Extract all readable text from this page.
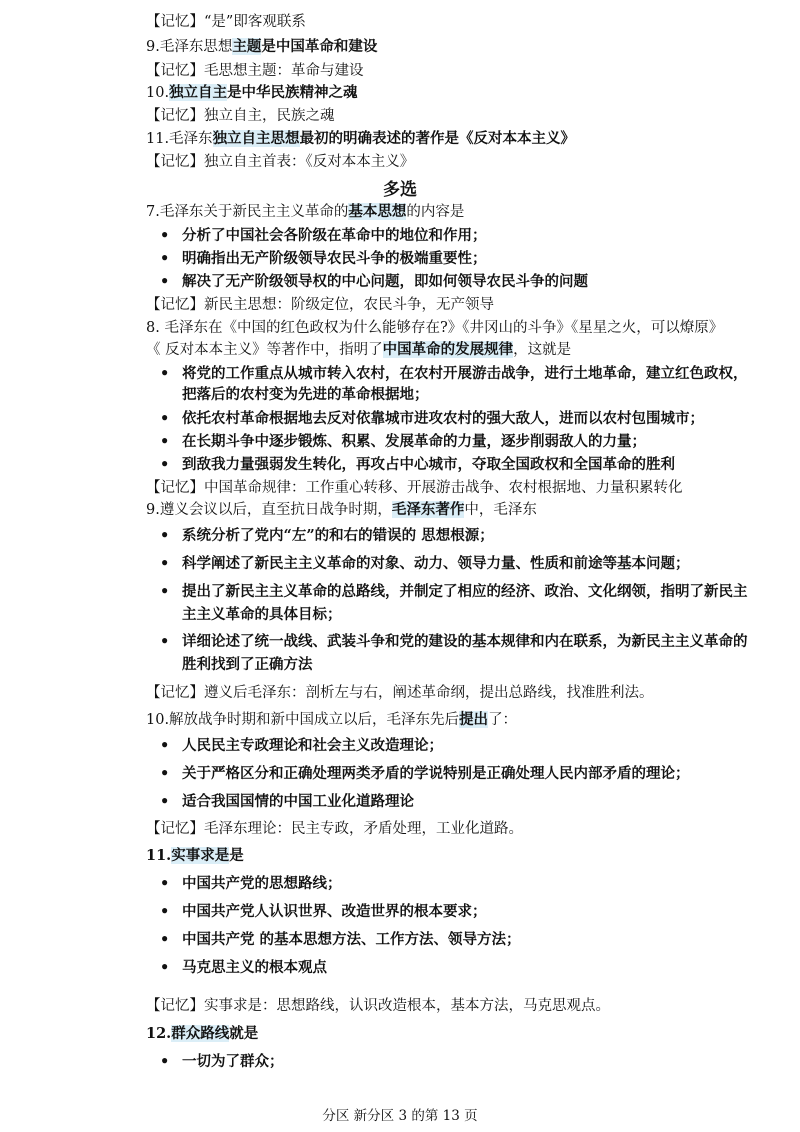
【记忆】“是”即客观联系
9.毛泽东思想主题是中国革命和建设
【记忆】毛思想主题：革命与建设
10.独立自主是中华民族精神之魂
【记忆】独立自主，民族之魂
11.毛泽东独立自主思想最初的明确表述的著作是《反对本本主义》
【记忆】独立自主首表：《反对本本主义》
多选
7.毛泽东关于新民主主义革命的基本思想的内容是
• 分析了中国社会各阶级在革命中的地位和作用；
• 明确指出无产阶级领导农民斗争的极端重要性；
• 解决了无产阶级领导权的中心问题，即如何领导农民斗争的问题
【记忆】新民主思想：阶级定位，农民斗争，无产领导
8. 毛泽东在《中国的红色政权为什么能够存在?》《井冈山的斗争》《星星之火，可以燎原》
《 反对本本主义》等著作中，指明了中国革命的发展规律，这就是
• 将党的工作重点从城市转入农村，在农村开展游击战争，进行土地革命，建立红色政权，
把落后的农村变为先进的革命根据地；
• 依托农村革命根据地去反对依靠城市进攻农村的强大敌人，进而以农村包围城市；
• 在长期斗争中逐步锻炼、积累、发展革命的力量，逐步削弱敌人的力量；
• 到敌我力量强弱发生转化，再攻占中心城市，夺取全国政权和全国革命的胜利
【记忆】中国革命规律：工作重心转移、开展游击战争、农村根据地、力量积累转化
9.遵义会议以后，直至抗日战争时期，毛泽东著作中，毛泽东
• 系统分析了党内“左”的和右的错误的 思想根源；
• 科学阐述了新民主主义革命的对象、动力、领导力量、性质和前途等基本问题；
• 提出了新民主主义革命的总路线，并制定了相应的经济、政治、文化纲领，指明了新民主
主主义革命的具体目标；
• 详细论述了统一战线、武装斗争和党的建设的基本规律和内在联系，为新民主主义革命的
胜利找到了正确方法
【记忆】遵义后毛泽东：剖析左与右，阐述革命纲，提出总路线，找准胜利法。
10.解放战争时期和新中国成立以后，毛泽东先后提出了：
• 人民民主专政理论和社会主义改造理论；
• 关于严格区分和正确处理两类矛盾的学说特别是正确处理人民内部矛盾的理论；
• 适合我国国情的中国工业化道路理论
【记忆】毛泽东理论：民主专政，矛盾处理，工业化道路。
11.实事求是是
• 中国共产党的思想路线；
• 中国共产党人认识世界、改造世界的根本要求；
• 中国共产党 的基本思想方法、工作方法、领导方法；
• 马克思主义的根本观点
【记忆】实事求是：思想路线，认识改造根本，基本方法，马克思观点。
12.群众路线就是
• 一切为了群众；
分区 新分区 3 的第 13 页
